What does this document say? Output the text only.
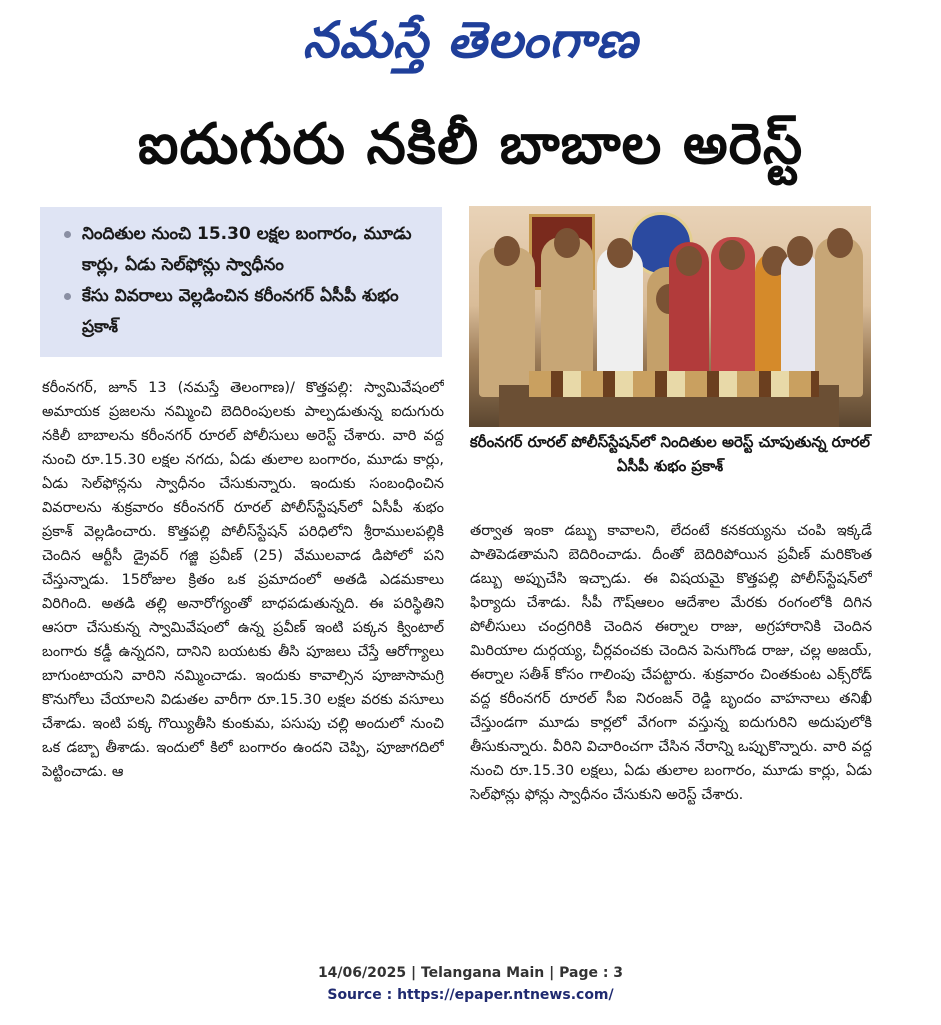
నమస్తే తెలంగాణ
ఐదుగురు నకిలీ బాబాల అరెస్ట్
నిందితుల నుంచి 15.30 లక్షల బంగారం, మూడు కార్లు, ఏడు సెల్‌ఫోన్లు స్వాధీనం
కేసు వివరాలు వెల్లడించిన కరీంనగర్ ఏసీపీ శుభం ప్రకాశ్
కరీంనగర్ రూరల్ పోలీస్‌స్టేషన్‌లో నిందితుల అరెస్ట్ చూపుతున్న రూరల్ ఏసీపీ శుభం ప్రకాశ్

కరీంనగర్, జూన్ 13 (నమస్తే తెలంగాణ)/ కొత్తపల్లి: స్వామివేషంలో అమాయక ప్రజలను నమ్మించి బెదిరింపులకు పాల్పడుతున్న ఐదుగురు నకిలీ బాబాలను కరీంనగర్ రూరల్ పోలీసులు అరెస్ట్ చేశారు. వారి వద్ద నుంచి రూ.15.30 లక్షల నగదు, ఏడు తులాల బంగారం, మూడు కార్లు, ఏడు సెల్‌ఫోన్లను స్వాధీనం చేసుకున్నారు. ఇందుకు సంబంధించిన వివరాలను శుక్రవారం కరీంనగర్ రూరల్ పోలీస్‌స్టేషన్‌లో ఏసీపీ శుభం ప్రకాశ్ వెల్లడించారు. కొత్తపల్లి పోలీస్‌స్టేషన్ పరిధిలోని శ్రీరాములపల్లికి చెందిన ఆర్టీసీ డ్రైవర్ గజ్జి ప్రవీణ్ (25) వేములవాడ డిపోలో పని చేస్తున్నాడు. 15రోజుల క్రితం ఒక ప్రమాదంలో అతడి ఎడమకాలు విరిగింది. అతడి తల్లి అనారోగ్యంతో బాధపడుతున్నది. ఈ పరిస్థితిని ఆసరా చేసుకున్న స్వామివేషంలో ఉన్న ప్రవీణ్ ఇంటి పక్కన క్వింటాల్ బంగారు కడ్డీ ఉన్నదని, దానిని బయటకు తీసి పూజలు చేస్తే ఆరోగ్యాలు బాగుంటాయని వారిని నమ్మించాడు. ఇందుకు కావాల్సిన పూజాసామగ్రి కొనుగోలు చేయాలని విడుతల వారీగా రూ.15.30 లక్షల వరకు వసూలు చేశాడు. ఇంటి పక్క గొయ్యితీసి కుంకుమ, పసుపు చల్లి అందులో నుంచి ఒక డబ్బా తీశాడు. ఇందులో కిలో బంగారం ఉందని చెప్పి, పూజాగదిలో పెట్టించాడు. ఆ

తర్వాత ఇంకా డబ్బు కావాలని, లేదంటే కనకయ్యను చంపి ఇక్కడే పాతిపెడతామని బెదిరించాడు. దీంతో బెదిరిపోయిన ప్రవీణ్ మరికొంత డబ్బు అప్పుచేసి ఇచ్చాడు. ఈ విషయమై కొత్తపల్లి పోలీస్‌స్టేషన్‌లో ఫిర్యాదు చేశాడు. సీపీ గౌష్‌ఆలం ఆదేశాల మేరకు రంగంలోకి దిగిన పోలీసులు చంద్రగిరికి చెందిన ఈర్నాల రాజు, అగ్రహారానికి చెందిన మిరియాల దుర్గయ్య, చీర్లవంచకు చెందిన పెనుగొండ రాజు, చల్ల అజయ్, ఈర్నాల సతీశ్ కోసం గాలింపు చేపట్టారు. శుక్రవారం చింతకుంట ఎక్స్‌రోడ్ వద్ద కరీంనగర్ రూరల్ సీఐ నిరంజన్ రెడ్డి బృందం వాహనాలు తనిఖీ చేస్తుండగా మూడు కార్లలో వేగంగా వస్తున్న ఐదుగురిని అదుపులోకి తీసుకున్నారు. వీరిని విచారించగా చేసిన నేరాన్ని ఒప్పుకొన్నారు. వారి వద్ద నుంచి రూ.15.30 లక్షలు, ఏడు తులాల బంగారం, మూడు కార్లు, ఏడు సెల్‌ఫోన్లు ఫోన్లు స్వాధీనం చేసుకుని అరెస్ట్ చేశారు.

14/06/2025 | Telangana Main | Page : 3
Source : https://epaper.ntnews.com/
